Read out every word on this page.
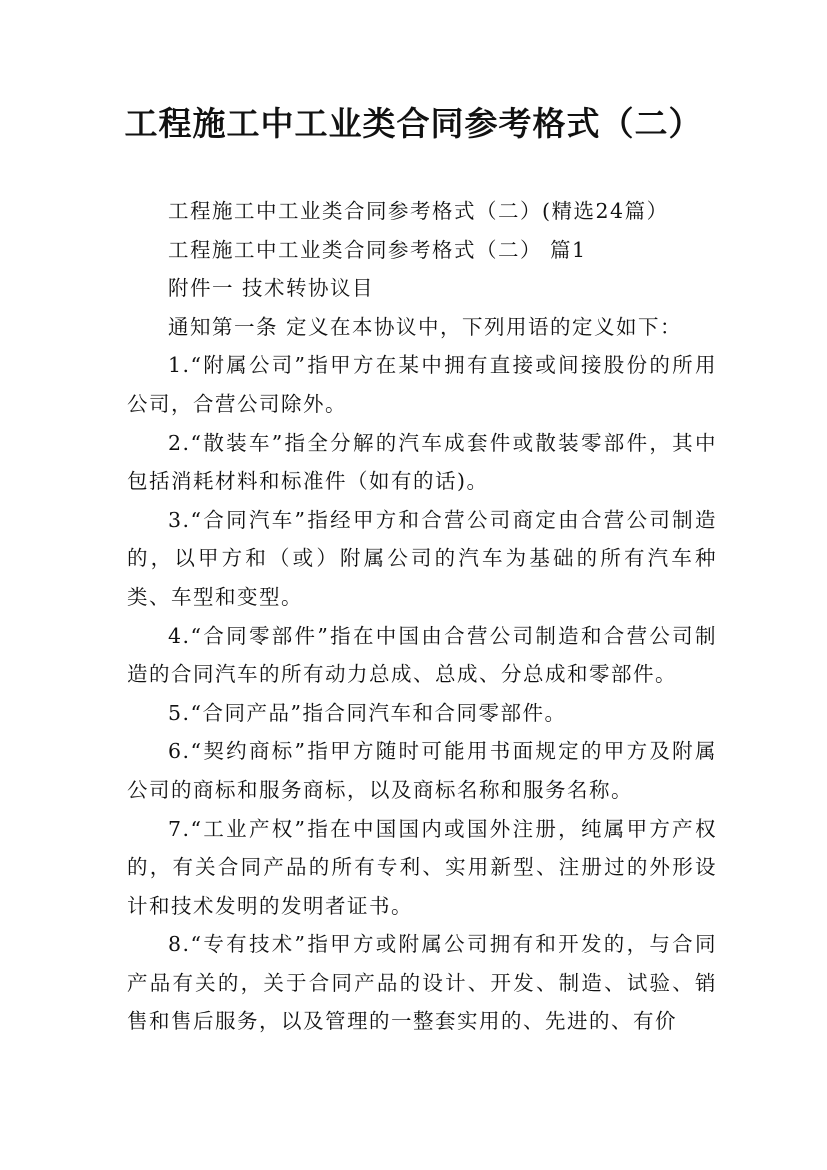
工程施工中工业类合同参考格式（二）

工程施工中工业类合同参考格式（二）(精选24篇）

工程施工中工业类合同参考格式（二） 篇1

附件一 技术转协议目

通知第一条 定义在本协议中，下列用语的定义如下：

1.“附属公司”指甲方在某中拥有直接或间接股份的所用公司，合营公司除外。

2.“散装车”指全分解的汽车成套件或散装零部件，其中包括消耗材料和标准件（如有的话)。

3.“合同汽车”指经甲方和合营公司商定由合营公司制造的，以甲方和（或）附属公司的汽车为基础的所有汽车种类、车型和变型。

4.“合同零部件”指在中国由合营公司制造和合营公司制造的合同汽车的所有动力总成、总成、分总成和零部件。

5.“合同产品”指合同汽车和合同零部件。

6.“契约商标”指甲方随时可能用书面规定的甲方及附属公司的商标和服务商标，以及商标名称和服务名称。

7.“工业产权”指在中国国内或国外注册，纯属甲方产权的，有关合同产品的所有专利、实用新型、注册过的外形设计和技术发明的发明者证书。

8.“专有技术”指甲方或附属公司拥有和开发的，与合同产品有关的，关于合同产品的设计、开发、制造、试验、销售和售后服务，以及管理的一整套实用的、先进的、有价
